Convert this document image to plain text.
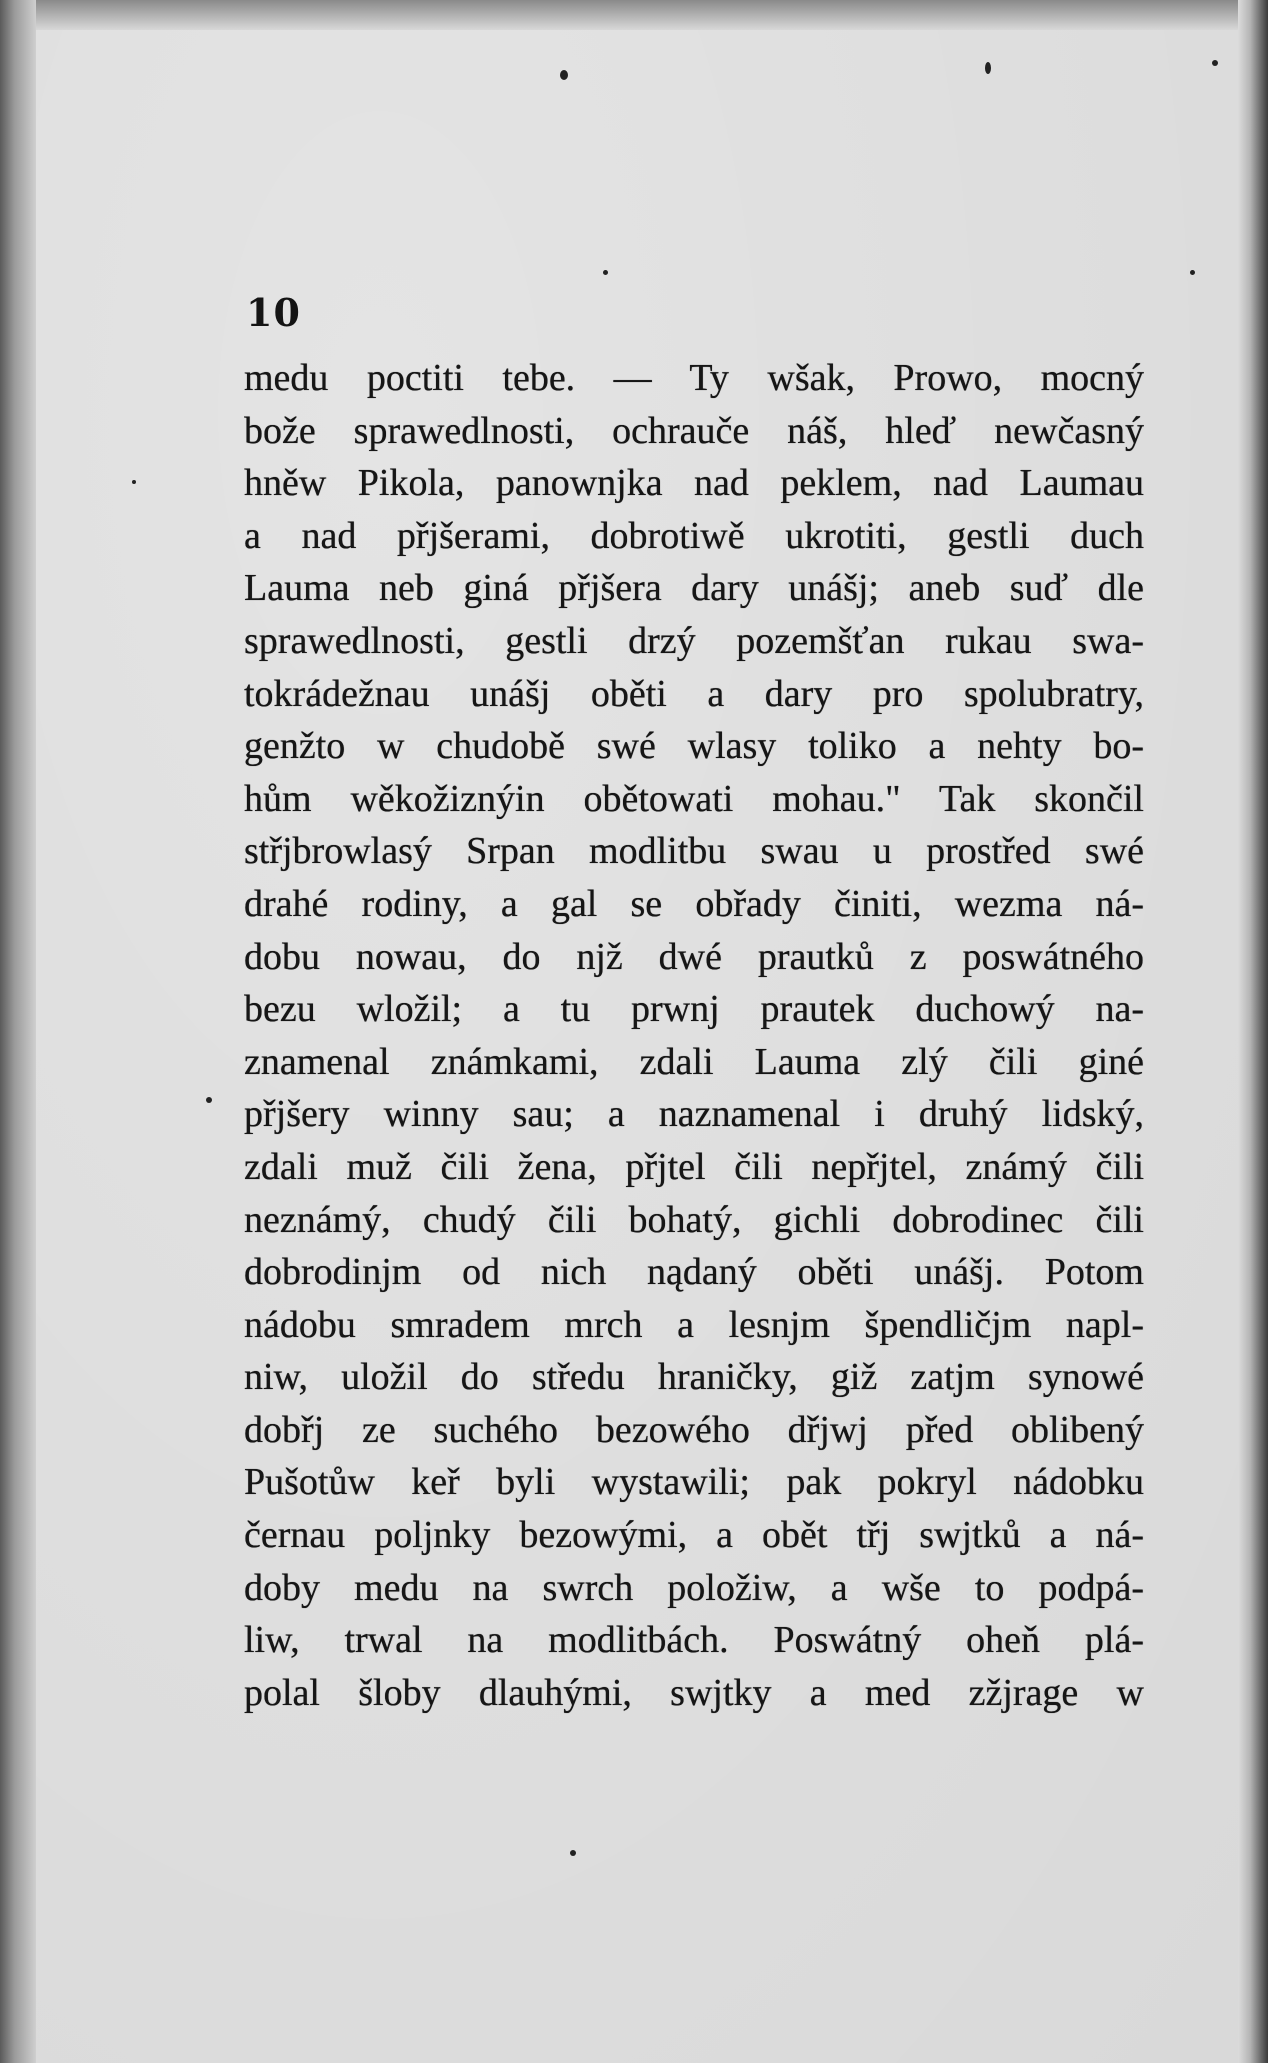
10
medu poctiti tebe. — Ty wšak, Prowo, mocný
bože sprawedlnosti, ochrauče náš, hleď newčasný
hněw Pikola, panownjka nad peklem, nad Laumau
a nad přjšerami, dobrotiwě ukrotiti, gestli duch
Lauma neb giná přjšera dary unášj; aneb suď dle
sprawedlnosti, gestli drzý pozemšťan rukau swa-
tokrádežnau unášj oběti a dary pro spolubratry,
genžto w chudobě swé wlasy toliko a nehty bo-
hům wěkožiznýin obětowati mohau." Tak skončil
střjbrowlasý Srpan modlitbu swau u prostřed swé
drahé rodiny, a gal se obřady činiti, wezma ná-
dobu nowau, do njž dwé prautků z poswátného
bezu wložil; a tu prwnj prautek duchowý na-
znamenal známkami, zdali Lauma zlý čili giné
přjšery winny sau; a naznamenal i druhý lidský,
zdali muž čili žena, přjtel čili nepřjtel, známý čili
neznámý, chudý čili bohatý, gichli dobrodinec čili
dobrodinjm od nich nądaný oběti unášj. Potom
nádobu smradem mrch a lesnjm špendličjm napl-
niw, uložil do středu hraničky, giž zatjm synowé
dobřj ze suchého bezowého dřjwj před oblibený
Pušotůw keř byli wystawili; pak pokryl nádobku
černau poljnky bezowými, a obět třj swjtků a ná-
doby medu na swrch položiw, a wše to podpá-
liw, trwal na modlitbách. Poswátný oheň plá-
polal šloby dlauhými, swjtky a med zžjrage w
